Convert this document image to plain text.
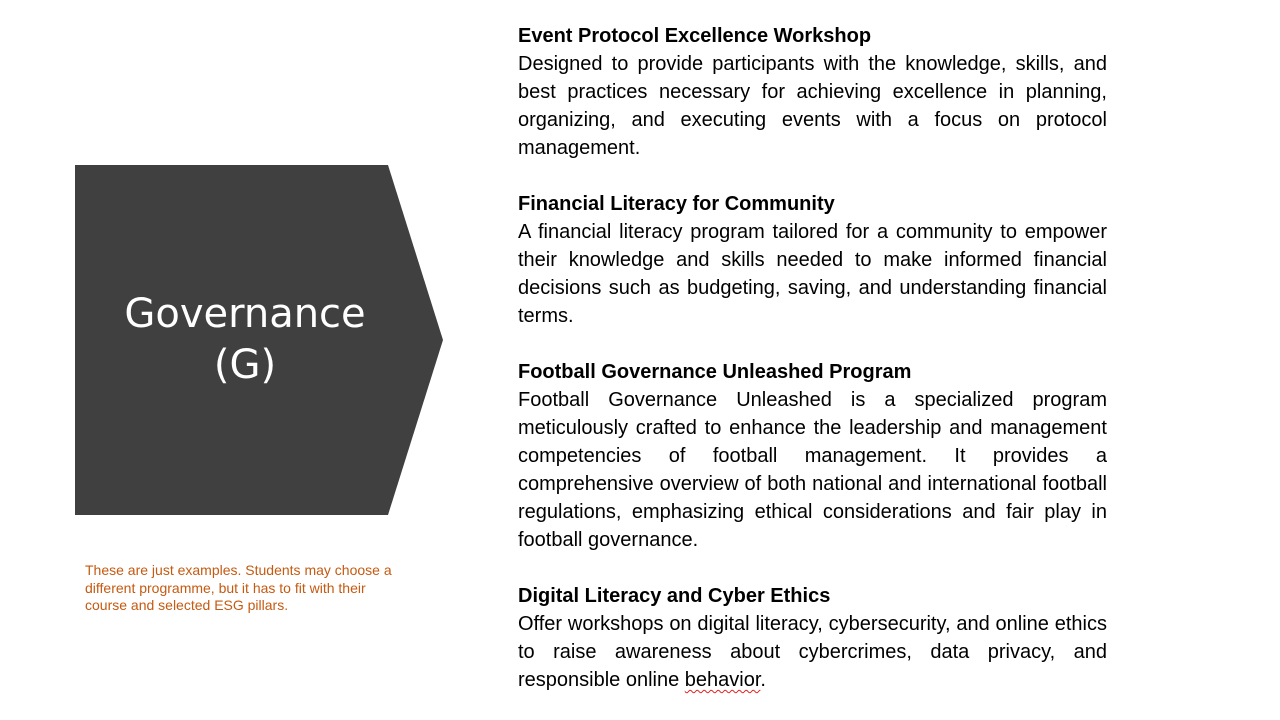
Governance
(G)
These are just examples. Students may choose a different programme, but it has to fit with their course and selected ESG pillars.
Event Protocol Excellence Workshop
Designed to provide participants with the knowledge, skills, and best practices necessary for achieving excellence in planning, organizing, and executing events with a focus on protocol management.
Financial Literacy for Community
A financial literacy program tailored for a community to empower their knowledge and skills needed to make informed financial decisions such as budgeting, saving, and understanding financial terms.
Football Governance Unleashed Program
Football Governance Unleashed is a specialized program meticulously crafted to enhance the leadership and management competencies of football management. It provides a comprehensive overview of both national and international football regulations, emphasizing ethical considerations and fair play in football governance.
Digital Literacy and Cyber Ethics
Offer workshops on digital literacy, cybersecurity, and online ethics to raise awareness about cybercrimes, data privacy, and responsible online behavior.
